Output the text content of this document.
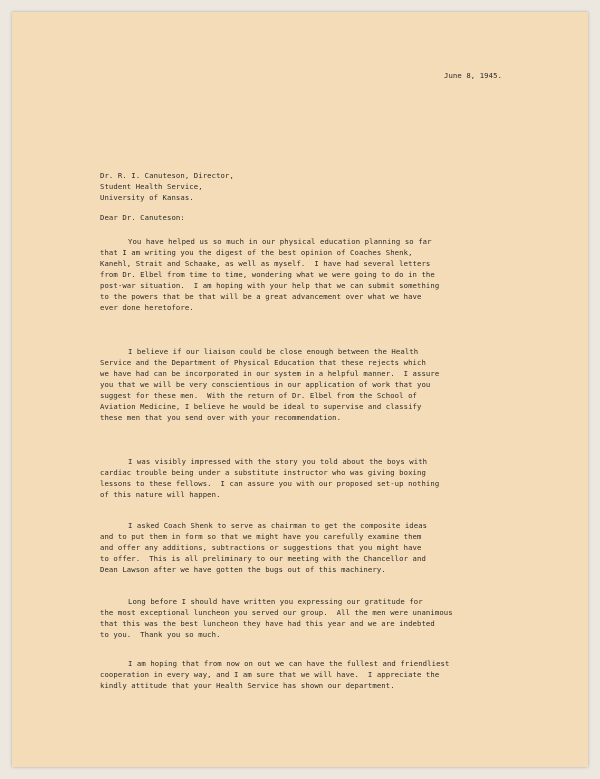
June 8, 1945.
Dr. R. I. Canuteson, Director,
Student Health Service,
University of Kansas.
Dear Dr. Canuteson:
You have helped us so much in our physical education planning so far
that I am writing you the digest of the best opinion of Coaches Shenk,
Kanehl, Strait and Schaake, as well as myself.  I have had several letters
from Dr. Elbel from time to time, wondering what we were going to do in the
post-war situation.  I am hoping with your help that we can submit something
to the powers that be that will be a great advancement over what we have
ever done heretofore.
I believe if our liaison could be close enough between the Health
Service and the Department of Physical Education that these rejects which
we have had can be incorporated in our system in a helpful manner.  I assure
you that we will be very conscientious in our application of work that you
suggest for these men.  With the return of Dr. Elbel from the School of
Aviation Medicine, I believe he would be ideal to supervise and classify
these men that you send over with your recommendation.
I was visibly impressed with the story you told about the boys with
cardiac trouble being under a substitute instructor who was giving boxing
lessons to these fellows.  I can assure you with our proposed set-up nothing
of this nature will happen.
I asked Coach Shenk to serve as chairman to get the composite ideas
and to put them in form so that we might have you carefully examine them
and offer any additions, subtractions or suggestions that you might have
to offer.  This is all preliminary to our meeting with the Chancellor and
Dean Lawson after we have gotten the bugs out of this machinery.
Long before I should have written you expressing our gratitude for
the most exceptional luncheon you served our group.  All the men were unanimous
that this was the best luncheon they have had this year and we are indebted
to you.  Thank you so much.
I am hoping that from now on out we can have the fullest and friendliest
cooperation in every way, and I am sure that we will have.  I appreciate the
kindly attitude that your Health Service has shown our department.
